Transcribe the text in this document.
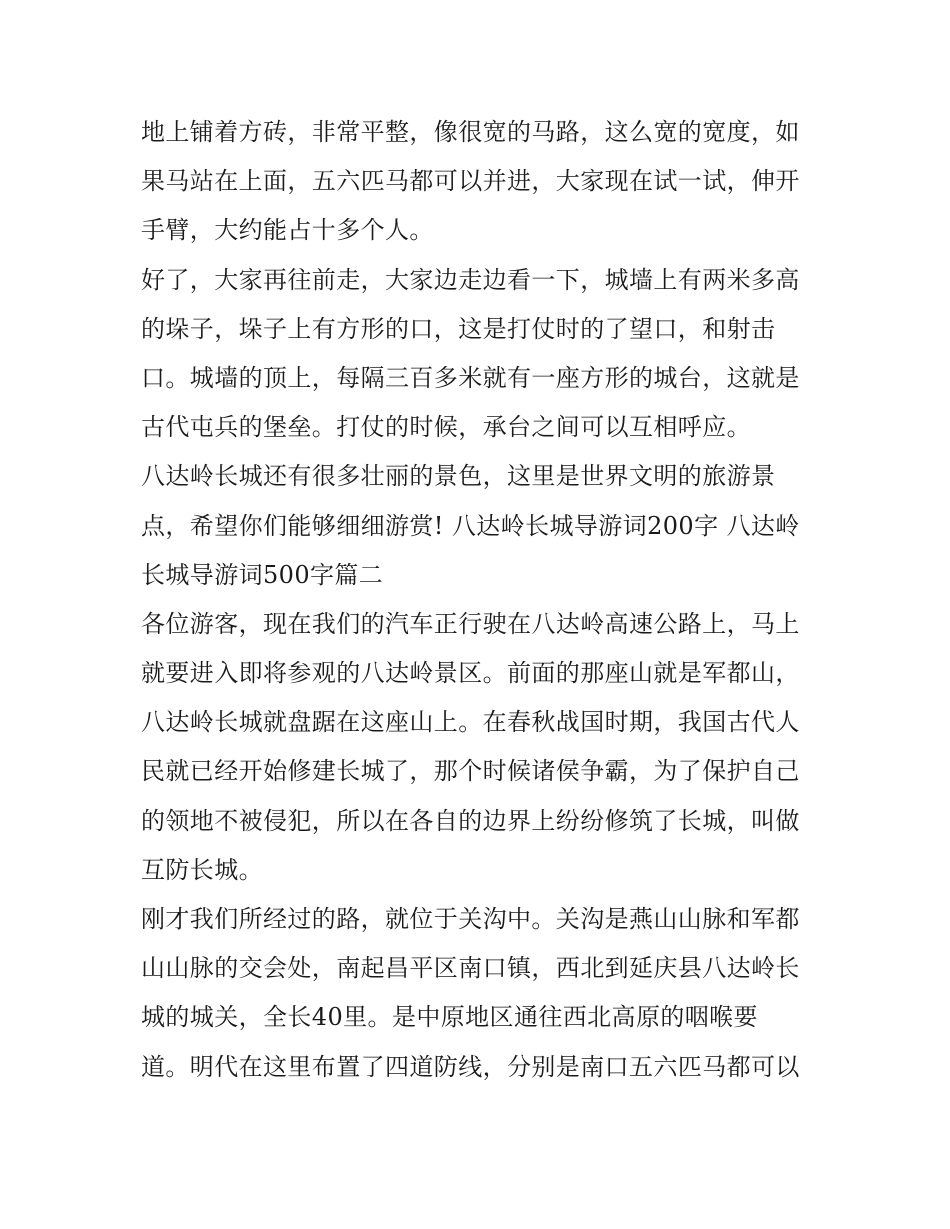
地上铺着方砖，非常平整，像很宽的马路，这么宽的宽度，如
果马站在上面，五六匹马都可以并进，大家现在试一试，伸开
手臂，大约能占十多个人。
好了，大家再往前走，大家边走边看一下，城墙上有两米多高
的垛子，垛子上有方形的口，这是打仗时的了望口，和射击
口。城墙的顶上，每隔三百多米就有一座方形的城台，这就是
古代屯兵的堡垒。打仗的时候，承台之间可以互相呼应。
八达岭长城还有很多壮丽的景色，这里是世界文明的旅游景
点，希望你们能够细细游赏! 八达岭长城导游词200字 八达岭
长城导游词500字篇二
各位游客，现在我们的汽车正行驶在八达岭高速公路上，马上
就要进入即将参观的八达岭景区。前面的那座山就是军都山，
八达岭长城就盘踞在这座山上。在春秋战国时期，我国古代人
民就已经开始修建长城了，那个时候诸侯争霸，为了保护自己
的领地不被侵犯，所以在各自的边界上纷纷修筑了长城，叫做
互防长城。
刚才我们所经过的路，就位于关沟中。关沟是燕山山脉和军都
山山脉的交会处，南起昌平区南口镇，西北到延庆县八达岭长
城的城关，全长40里。是中原地区通往西北高原的咽喉要
道。明代在这里布置了四道防线，分别是南口五六匹马都可以
